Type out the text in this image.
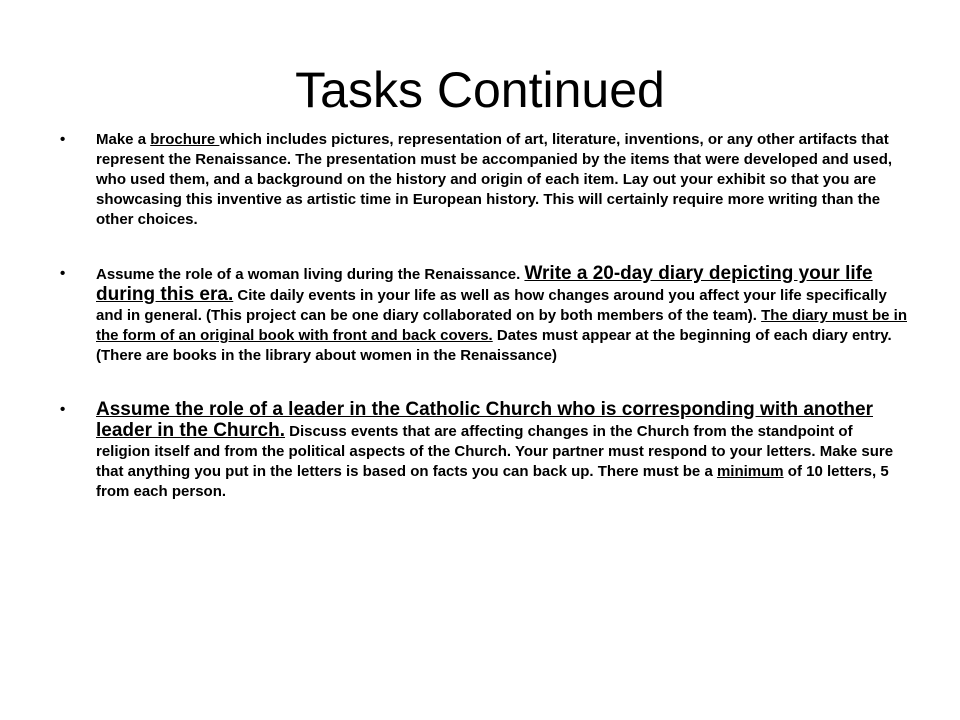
Tasks Continued
•	Make a brochure which includes pictures, representation of art, literature, inventions, or any other artifacts that represent the Renaissance. The presentation must be accompanied by the items that were developed and used, who used them, and a background on the history and origin of each item. Lay out your exhibit so that you are showcasing this inventive as artistic time in European history. This will certainly require more writing than the other choices.
•	Assume the role of a woman living during the Renaissance. Write a 20-day diary depicting your life during this era. Cite daily events in your life as well as how changes around you affect your life specifically and in general. (This project can be one diary collaborated on by both members of the team). The diary must be in the form of an original book with front and back covers. Dates must appear at the beginning of each diary entry. (There are books in the library about women in the Renaissance)
•	Assume the role of a leader in the Catholic Church who is corresponding with another leader in the Church. Discuss events that are affecting changes in the Church from the standpoint of religion itself and from the political aspects of the Church. Your partner must respond to your letters. Make sure that anything you put in the letters is based on facts you can back up. There must be a minimum of 10 letters, 5 from each person.
